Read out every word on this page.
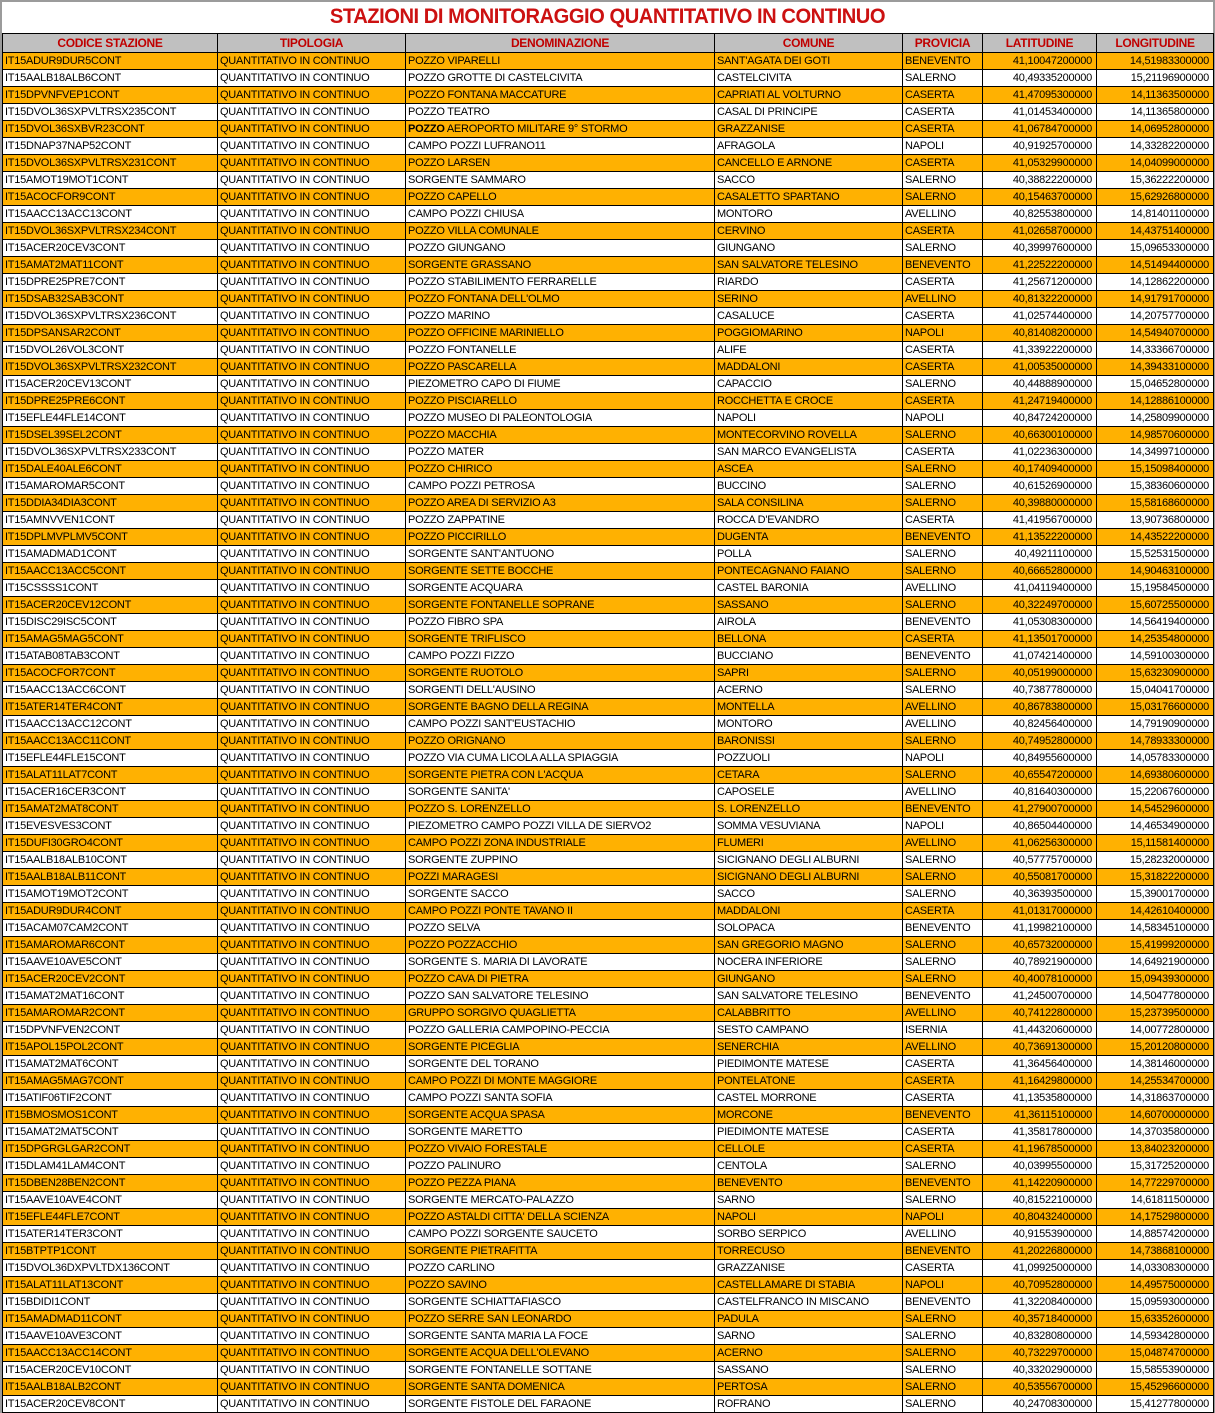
STAZIONI DI MONITORAGGIO QUANTITATIVO IN CONTINUO
CODICE STAZIONE	TIPOLOGIA	DENOMINAZIONE	COMUNE	PROVICIA	LATITUDINE	LONGITUDINE
IT15ADUR9DUR5CONT	QUANTITATIVO IN CONTINUO	POZZO VIPARELLI	SANT'AGATA DEI GOTI	BENEVENTO	41,10047200000	14,51983300000
IT15AALB18ALB6CONT	QUANTITATIVO IN CONTINUO	POZZO GROTTE DI CASTELCIVITA	CASTELCIVITA	SALERNO	40,49335200000	15,21196900000
IT15DPVNFVEP1CONT	QUANTITATIVO IN CONTINUO	POZZO FONTANA MACCATURE	CAPRIATI AL VOLTURNO	CASERTA	41,47095300000	14,11363500000
IT15DVOL36SXPVLTRSX235CONT	QUANTITATIVO IN CONTINUO	POZZO TEATRO	CASAL DI PRINCIPE	CASERTA	41,01453400000	14,11365800000
IT15DVOL36SXBVR23CONT	QUANTITATIVO IN CONTINUO	POZZO AEROPORTO MILITARE 9° STORMO	GRAZZANISE	CASERTA	41,06784700000	14,06952800000
IT15DNAP37NAP52CONT	QUANTITATIVO IN CONTINUO	CAMPO POZZI LUFRANO11	AFRAGOLA	NAPOLI	40,91925700000	14,33282200000
IT15DVOL36SXPVLTRSX231CONT	QUANTITATIVO IN CONTINUO	POZZO LARSEN	CANCELLO E ARNONE	CASERTA	41,05329900000	14,04099000000
IT15AMOT19MOT1CONT	QUANTITATIVO IN CONTINUO	SORGENTE SAMMARO	SACCO	SALERNO	40,38822200000	15,36222200000
IT15ACOCFOR9CONT	QUANTITATIVO IN CONTINUO	POZZO CAPELLO	CASALETTO SPARTANO	SALERNO	40,15463700000	15,62926800000
IT15AACC13ACC13CONT	QUANTITATIVO IN CONTINUO	CAMPO POZZI CHIUSA	MONTORO	AVELLINO	40,82553800000	14,81401100000
IT15DVOL36SXPVLTRSX234CONT	QUANTITATIVO IN CONTINUO	POZZO VILLA COMUNALE	CERVINO	CASERTA	41,02658700000	14,43751400000
IT15ACER20CEV3CONT	QUANTITATIVO IN CONTINUO	POZZO GIUNGANO	GIUNGANO	SALERNO	40,39997600000	15,09653300000
IT15AMAT2MAT11CONT	QUANTITATIVO IN CONTINUO	SORGENTE GRASSANO	SAN SALVATORE TELESINO	BENEVENTO	41,22522200000	14,51494400000
IT15DPRE25PRE7CONT	QUANTITATIVO IN CONTINUO	POZZO STABILIMENTO FERRARELLE	RIARDO	CASERTA	41,25671200000	14,12862200000
IT15DSAB32SAB3CONT	QUANTITATIVO IN CONTINUO	POZZO FONTANA DELL'OLMO	SERINO	AVELLINO	40,81322200000	14,91791700000
IT15DVOL36SXPVLTRSX236CONT	QUANTITATIVO IN CONTINUO	POZZO MARINO	CASALUCE	CASERTA	41,02574400000	14,20757700000
IT15DPSANSAR2CONT	QUANTITATIVO IN CONTINUO	POZZO OFFICINE MARINIELLO	POGGIOMARINO	NAPOLI	40,81408200000	14,54940700000
IT15DVOL26VOL3CONT	QUANTITATIVO IN CONTINUO	POZZO FONTANELLE	ALIFE	CASERTA	41,33922200000	14,33366700000
IT15DVOL36SXPVLTRSX232CONT	QUANTITATIVO IN CONTINUO	POZZO PASCARELLA	MADDALONI	CASERTA	41,00535000000	14,39433100000
IT15ACER20CEV13CONT	QUANTITATIVO IN CONTINUO	PIEZOMETRO CAPO DI FIUME	CAPACCIO	SALERNO	40,44888900000	15,04652800000
IT15DPRE25PRE6CONT	QUANTITATIVO IN CONTINUO	POZZO PISCIARELLO	ROCCHETTA E CROCE	CASERTA	41,24719400000	14,12886100000
IT15EFLE44FLE14CONT	QUANTITATIVO IN CONTINUO	POZZO MUSEO DI PALEONTOLOGIA	NAPOLI	NAPOLI	40,84724200000	14,25809900000
IT15DSEL39SEL2CONT	QUANTITATIVO IN CONTINUO	POZZO MACCHIA	MONTECORVINO ROVELLA	SALERNO	40,66300100000	14,98570600000
IT15DVOL36SXPVLTRSX233CONT	QUANTITATIVO IN CONTINUO	POZZO MATER	SAN MARCO EVANGELISTA	CASERTA	41,02236300000	14,34997100000
IT15DALE40ALE6CONT	QUANTITATIVO IN CONTINUO	POZZO CHIRICO	ASCEA	SALERNO	40,17409400000	15,15098400000
IT15AMAROMAR5CONT	QUANTITATIVO IN CONTINUO	CAMPO POZZI PETROSA	BUCCINO	SALERNO	40,61526900000	15,38360600000
IT15DDIA34DIA3CONT	QUANTITATIVO IN CONTINUO	POZZO AREA DI SERVIZIO A3	SALA CONSILINA	SALERNO	40,39880000000	15,58168600000
IT15AMNVVEN1CONT	QUANTITATIVO IN CONTINUO	POZZO ZAPPATINE	ROCCA D'EVANDRO	CASERTA	41,41956700000	13,90736800000
IT15DPLMVPLMV5CONT	QUANTITATIVO IN CONTINUO	POZZO PICCIRILLO	DUGENTA	BENEVENTO	41,13522200000	14,43522200000
IT15AMADMAD1CONT	QUANTITATIVO IN CONTINUO	SORGENTE SANT'ANTUONO	POLLA	SALERNO	40,49211100000	15,52531500000
IT15AACC13ACC5CONT	QUANTITATIVO IN CONTINUO	SORGENTE SETTE BOCCHE	PONTECAGNANO FAIANO	SALERNO	40,66652800000	14,90463100000
IT15CSSSS1CONT	QUANTITATIVO IN CONTINUO	SORGENTE ACQUARA	CASTEL BARONIA	AVELLINO	41,04119400000	15,19584500000
IT15ACER20CEV12CONT	QUANTITATIVO IN CONTINUO	SORGENTE FONTANELLE SOPRANE	SASSANO	SALERNO	40,32249700000	15,60725500000
IT15DISC29ISC5CONT	QUANTITATIVO IN CONTINUO	POZZO FIBRO SPA	AIROLA	BENEVENTO	41,05308300000	14,56419400000
IT15AMAG5MAG5CONT	QUANTITATIVO IN CONTINUO	SORGENTE TRIFLISCO	BELLONA	CASERTA	41,13501700000	14,25354800000
IT15ATAB08TAB3CONT	QUANTITATIVO IN CONTINUO	CAMPO POZZI FIZZO	BUCCIANO	BENEVENTO	41,07421400000	14,59100300000
IT15ACOCFOR7CONT	QUANTITATIVO IN CONTINUO	SORGENTE RUOTOLO	SAPRI	SALERNO	40,05199000000	15,63230900000
IT15AACC13ACC6CONT	QUANTITATIVO IN CONTINUO	SORGENTI DELL'AUSINO	ACERNO	SALERNO	40,73877800000	15,04041700000
IT15ATER14TER4CONT	QUANTITATIVO IN CONTINUO	SORGENTE BAGNO DELLA REGINA	MONTELLA	AVELLINO	40,86783800000	15,03176600000
IT15AACC13ACC12CONT	QUANTITATIVO IN CONTINUO	CAMPO POZZI SANT'EUSTACHIO	MONTORO	AVELLINO	40,82456400000	14,79190900000
IT15AACC13ACC11CONT	QUANTITATIVO IN CONTINUO	POZZO ORIGNANO	BARONISSI	SALERNO	40,74952800000	14,78933300000
IT15EFLE44FLE15CONT	QUANTITATIVO IN CONTINUO	POZZO VIA CUMA LICOLA ALLA SPIAGGIA	POZZUOLI	NAPOLI	40,84955600000	14,05783300000
IT15ALAT11LAT7CONT	QUANTITATIVO IN CONTINUO	SORGENTE PIETRA CON L'ACQUA	CETARA	SALERNO	40,65547200000	14,69380600000
IT15ACER16CER3CONT	QUANTITATIVO IN CONTINUO	SORGENTE SANITA'	CAPOSELE	AVELLINO	40,81640300000	15,22067600000
IT15AMAT2MAT8CONT	QUANTITATIVO IN CONTINUO	POZZO S. LORENZELLO	S. LORENZELLO	BENEVENTO	41,27900700000	14,54529600000
IT15EVESVES3CONT	QUANTITATIVO IN CONTINUO	PIEZOMETRO CAMPO POZZI VILLA DE SIERVO2	SOMMA VESUVIANA	NAPOLI	40,86504400000	14,46534900000
IT15DUFI30GRO4CONT	QUANTITATIVO IN CONTINUO	CAMPO POZZI ZONA INDUSTRIALE	FLUMERI	AVELLINO	41,06256300000	15,11581400000
IT15AALB18ALB10CONT	QUANTITATIVO IN CONTINUO	SORGENTE ZUPPINO	SICIGNANO DEGLI ALBURNI	SALERNO	40,57775700000	15,28232000000
IT15AALB18ALB11CONT	QUANTITATIVO IN CONTINUO	POZZI MARAGESI	SICIGNANO DEGLI ALBURNI	SALERNO	40,55081700000	15,31822200000
IT15AMOT19MOT2CONT	QUANTITATIVO IN CONTINUO	SORGENTE SACCO	SACCO	SALERNO	40,36393500000	15,39001700000
IT15ADUR9DUR4CONT	QUANTITATIVO IN CONTINUO	CAMPO POZZI PONTE TAVANO II	MADDALONI	CASERTA	41,01317000000	14,42610400000
IT15ACAM07CAM2CONT	QUANTITATIVO IN CONTINUO	POZZO SELVA	SOLOPACA	BENEVENTO	41,19982100000	14,58345100000
IT15AMAROMAR6CONT	QUANTITATIVO IN CONTINUO	POZZO POZZACCHIO	SAN GREGORIO MAGNO	SALERNO	40,65732000000	15,41999200000
IT15AAVE10AVE5CONT	QUANTITATIVO IN CONTINUO	SORGENTE S. MARIA DI LAVORATE	NOCERA INFERIORE	SALERNO	40,78921900000	14,64921900000
IT15ACER20CEV2CONT	QUANTITATIVO IN CONTINUO	POZZO CAVA DI PIETRA	GIUNGANO	SALERNO	40,40078100000	15,09439300000
IT15AMAT2MAT16CONT	QUANTITATIVO IN CONTINUO	POZZO SAN SALVATORE TELESINO	SAN SALVATORE TELESINO	BENEVENTO	41,24500700000	14,50477800000
IT15AMAROMAR2CONT	QUANTITATIVO IN CONTINUO	GRUPPO SORGIVO QUAGLIETTA	CALABBRITTO	AVELLINO	40,74122800000	15,23739500000
IT15DPVNFVEN2CONT	QUANTITATIVO IN CONTINUO	POZZO GALLERIA CAMPOPINO-PECCIA	SESTO CAMPANO	ISERNIA	41,44320600000	14,00772800000
IT15APOL15POL2CONT	QUANTITATIVO IN CONTINUO	SORGENTE PICEGLIA	SENERCHIA	AVELLINO	40,73691300000	15,20120800000
IT15AMAT2MAT6CONT	QUANTITATIVO IN CONTINUO	SORGENTE DEL TORANO	PIEDIMONTE MATESE	CASERTA	41,36456400000	14,38146000000
IT15AMAG5MAG7CONT	QUANTITATIVO IN CONTINUO	CAMPO POZZI DI MONTE MAGGIORE	PONTELATONE	CASERTA	41,16429800000	14,25534700000
IT15ATIF06TIF2CONT	QUANTITATIVO IN CONTINUO	CAMPO POZZI SANTA SOFIA	CASTEL MORRONE	CASERTA	41,13535800000	14,31863700000
IT15BMOSMOS1CONT	QUANTITATIVO IN CONTINUO	SORGENTE ACQUA SPASA	MORCONE	BENEVENTO	41,36115100000	14,60700000000
IT15AMAT2MAT5CONT	QUANTITATIVO IN CONTINUO	SORGENTE MARETTO	PIEDIMONTE MATESE	CASERTA	41,35817800000	14,37035800000
IT15DPGRGLGAR2CONT	QUANTITATIVO IN CONTINUO	POZZO VIVAIO FORESTALE	CELLOLE	CASERTA	41,19678500000	13,84023200000
IT15DLAM41LAM4CONT	QUANTITATIVO IN CONTINUO	POZZO PALINURO	CENTOLA	SALERNO	40,03995500000	15,31725200000
IT15DBEN28BEN2CONT	QUANTITATIVO IN CONTINUO	POZZO PEZZA PIANA	BENEVENTO	BENEVENTO	41,14220900000	14,77229700000
IT15AAVE10AVE4CONT	QUANTITATIVO IN CONTINUO	SORGENTE MERCATO-PALAZZO	SARNO	SALERNO	40,81522100000	14,61811500000
IT15EFLE44FLE7CONT	QUANTITATIVO IN CONTINUO	POZZO ASTALDI CITTA' DELLA SCIENZA	NAPOLI	NAPOLI	40,80432400000	14,17529800000
IT15ATER14TER3CONT	QUANTITATIVO IN CONTINUO	CAMPO POZZI SORGENTE SAUCETO	SORBO SERPICO	AVELLINO	40,91553900000	14,88574200000
IT15BTPTP1CONT	QUANTITATIVO IN CONTINUO	SORGENTE PIETRAFITTA	TORRECUSO	BENEVENTO	41,20226800000	14,73868100000
IT15DVOL36DXPVLTDX136CONT	QUANTITATIVO IN CONTINUO	POZZO CARLINO	GRAZZANISE	CASERTA	41,09925000000	14,03308300000
IT15ALAT11LAT13CONT	QUANTITATIVO IN CONTINUO	POZZO SAVINO	CASTELLAMARE DI STABIA	NAPOLI	40,70952800000	14,49575000000
IT15BDIDI1CONT	QUANTITATIVO IN CONTINUO	SORGENTE SCHIATTAFIASCO	CASTELFRANCO IN MISCANO	BENEVENTO	41,32208400000	15,09593000000
IT15AMADMAD11CONT	QUANTITATIVO IN CONTINUO	POZZO SERRE SAN LEONARDO	PADULA	SALERNO	40,35718400000	15,63352600000
IT15AAVE10AVE3CONT	QUANTITATIVO IN CONTINUO	SORGENTE SANTA MARIA LA FOCE	SARNO	SALERNO	40,83280800000	14,59342800000
IT15AACC13ACC14CONT	QUANTITATIVO IN CONTINUO	SORGENTE ACQUA DELL'OLEVANO	ACERNO	SALERNO	40,73229700000	15,04874700000
IT15ACER20CEV10CONT	QUANTITATIVO IN CONTINUO	SORGENTE FONTANELLE SOTTANE	SASSANO	SALERNO	40,33202900000	15,58553900000
IT15AALB18ALB2CONT	QUANTITATIVO IN CONTINUO	SORGENTE SANTA DOMENICA	PERTOSA	SALERNO	40,53556700000	15,45296600000
IT15ACER20CEV8CONT	QUANTITATIVO IN CONTINUO	SORGENTE FISTOLE DEL FARAONE	ROFRANO	SALERNO	40,24708300000	15,41277800000
